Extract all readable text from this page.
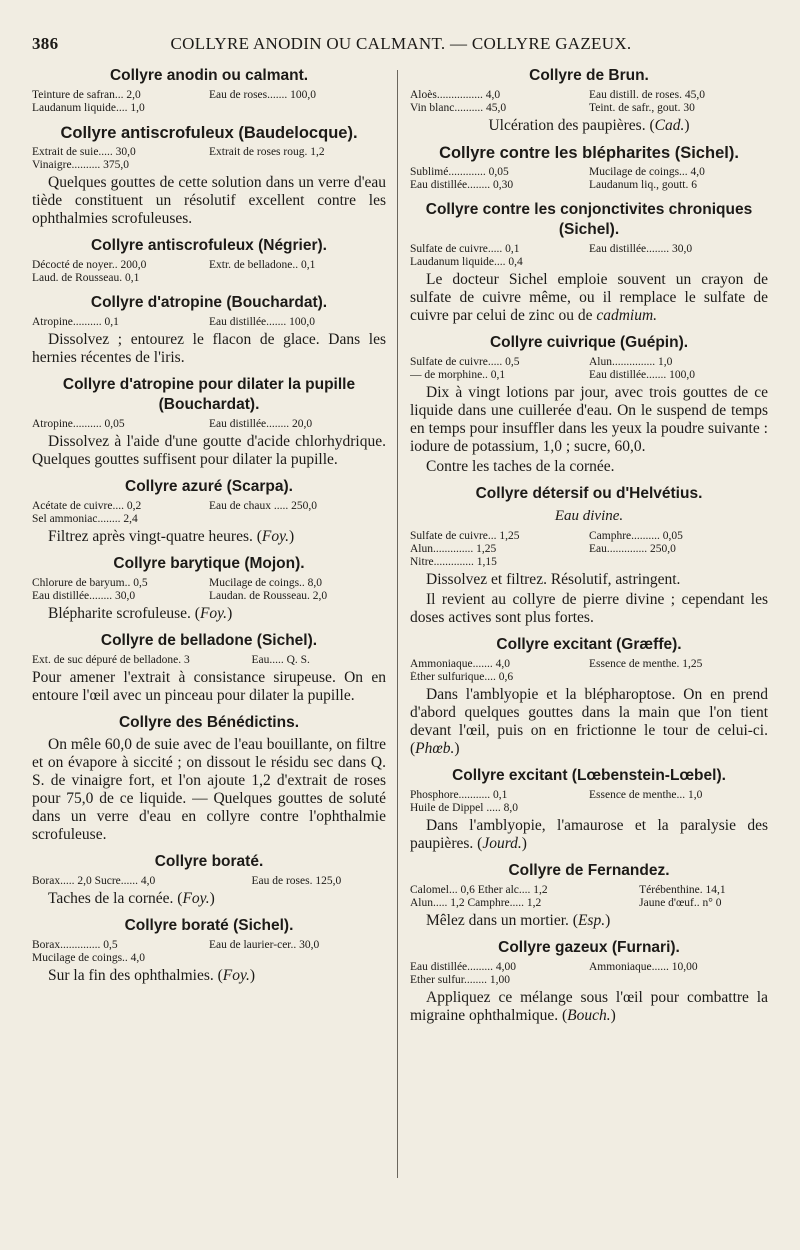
386	COLLYRE ANODIN OU CALMANT. — COLLYRE GAZEUX.
Collyre anodin ou calmant.
Teinture de safran... 2,0	Eau de roses....... 100,0
Laudanum liquide.... 1,0
Collyre antiscrofuleux (Baudelocque).
Extrait de suie..... 30,0	Extrait de roses roug. 1,2
Vinaigre.......... 375,0

Quelques gouttes de cette solution dans un verre d'eau tiède constituent un résolutif excellent contre les ophthalmies scrofuleuses.

Collyre antiscrofuleux (Négrier).
Décocté de noyer.. 200,0	Extr. de belladone.. 0,1
Laud. de Rousseau. 0,1
Collyre d'atropine (Bouchardat).
Atropine.......... 0,1	Eau distillée....... 100,0

Dissolvez ; entourez le flacon de glace. Dans les hernies récentes de l'iris.

Collyre d'atropine pour dilater la pupille (Bouchardat).
Atropine.......... 0,05	Eau distillée........ 20,0

Dissolvez à l'aide d'une goutte d'acide chlorhydrique. Quelques gouttes suffisent pour dilater la pupille.

Collyre azuré (Scarpa).
Acétate de cuivre.... 0,2	Eau de chaux ..... 250,0
Sel ammoniac........ 2,4

Filtrez après vingt-quatre heures. (Foy.)

Collyre barytique (Mojon).
Chlorure de baryum.. 0,5	Mucilage de coings.. 8,0
Eau distillée........ 30,0	Laudan. de Rousseau. 2,0

Blépharite scrofuleuse. (Foy.)

Collyre de belladone (Sichel).
Ext. de suc dépuré de belladone. 3	Eau..... Q. S.

Pour amener l'extrait à consistance sirupeuse. On en entoure l'œil avec un pinceau pour dilater la pupille.

Collyre des Bénédictins.

On mêle 60,0 de suie avec de l'eau bouillante, on filtre et on évapore à siccité ; on dissout le résidu sec dans Q. S. de vinaigre fort, et l'on ajoute 1,2 d'extrait de roses pour 75,0 de ce liquide. — Quelques gouttes de soluté dans un verre d'eau en collyre contre l'ophthalmie scrofuleuse.

Collyre boraté.
Borax..... 2,0 Sucre...... 4,0	Eau de roses. 125,0

Taches de la cornée. (Foy.)

Collyre boraté (Sichel).
Borax.............. 0,5	Eau de laurier-cer.. 30,0
Mucilage de coings.. 4,0

Sur la fin des ophthalmies. (Foy.)

Collyre de Brun.
Aloès................ 4,0	Eau distill. de roses. 45,0
Vin blanc.......... 45,0	Teint. de safr., gout. 30

Ulcération des paupières. (Cad.)

Collyre contre les blépharites (Sichel).
Sublimé............. 0,05	Mucilage de coings... 4,0
Eau distillée........ 0,30	Laudanum liq., goutt. 6
Collyre contre les conjonctivites chroniques (Sichel).
Sulfate de cuivre..... 0,1	Eau distillée........ 30,0
Laudanum liquide.... 0,4

Le docteur Sichel emploie souvent un crayon de sulfate de cuivre même, ou il remplace le sulfate de cuivre par celui de zinc ou de cadmium.

Collyre cuivrique (Guépin).
Sulfate de cuivre..... 0,5	Alun............... 1,0
— de morphine.. 0,1	Eau distillée....... 100,0

Dix à vingt lotions par jour, avec trois gouttes de ce liquide dans une cuillerée d'eau. On le suspend de temps en temps pour insuffler dans les yeux la poudre suivante : iodure de potassium, 1,0 ; sucre, 60,0.

Contre les taches de la cornée.

Collyre détersif ou d'Helvétius.
Eau divine.
Sulfate de cuivre... 1,25	Camphre.......... 0,05
Alun.............. 1,25	Eau.............. 250,0
Nitre.............. 1,15

Dissolvez et filtrez. Résolutif, astringent.

Il revient au collyre de pierre divine ; cependant les doses actives sont plus fortes.

Collyre excitant (Græffe).
Ammoniaque....... 4,0	Essence de menthe. 1,25
Éther sulfurique.... 0,6

Dans l'amblyopie et la blépharoptose. On en prend d'abord quelques gouttes dans la main que l'on tient devant l'œil, puis on en frictionne le tour de celui-ci. (Phœb.)

Collyre excitant (Lœbenstein-Lœbel).
Phosphore........... 0,1	Essence de menthe... 1,0
Huile de Dippel ..... 8,0

Dans l'amblyopie, l'amaurose et la paralysie des paupières. (Jourd.)

Collyre de Fernandez.
Calomel... 0,6 Ether alc.... 1,2	Térébenthine. 14,1
Alun..... 1,2 Camphre..... 1,2	Jaune d'œuf.. n° 0

Mêlez dans un mortier. (Esp.)

Collyre gazeux (Furnari).
Eau distillée......... 4,00	Ammoniaque...... 10,00
Ether sulfur........ 1,00

Appliquez ce mélange sous l'œil pour combattre la migraine ophthalmique. (Bouch.)
